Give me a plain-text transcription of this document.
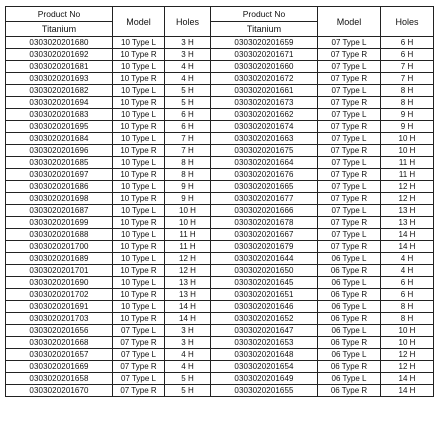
Product No	Model	Holes	Product No	Model	Holes
Titanium			Titanium		
0303020201680	10 Type L	3 H	0303020201659	07 Type L	6 H
0303020201692	10 Type R	3 H	0303020201671	07 Type R	6 H
0303020201681	10 Type L	4 H	0303020201660	07 Type L	7 H
0303020201693	10 Type R	4 H	0303020201672	07 Type R	7 H
0303020201682	10 Type L	5 H	0303020201661	07 Type L	8 H
0303020201694	10 Type R	5 H	0303020201673	07 Type R	8 H
0303020201683	10 Type L	6 H	0303020201662	07 Type L	9 H
0303020201695	10 Type R	6 H	0303020201674	07 Type R	9 H
0303020201684	10 Type L	7 H	0303020201663	07 Type L	10 H
0303020201696	10 Type R	7 H	0303020201675	07 Type R	10 H
0303020201685	10 Type L	8 H	0303020201664	07 Type L	11 H
0303020201697	10 Type R	8 H	0303020201676	07 Type R	11 H
0303020201686	10 Type L	9 H	0303020201665	07 Type L	12 H
0303020201698	10 Type R	9 H	0303020201677	07 Type R	12 H
0303020201687	10 Type L	10 H	0303020201666	07 Type L	13 H
0303020201699	10 Type R	10 H	0303020201678	07 Type R	13 H
0303020201688	10 Type L	11 H	0303020201667	07 Type L	14 H
0303020201700	10 Type R	11 H	0303020201679	07 Type R	14 H
0303020201689	10 Type L	12 H	0303020201644	06 Type L	4 H
0303020201701	10 Type R	12 H	0303020201650	06 Type R	4 H
0303020201690	10 Type L	13 H	0303020201645	06 Type L	6 H
0303020201702	10 Type R	13 H	0303020201651	06 Type R	6 H
0303020201691	10 Type L	14 H	0303020201646	06 Type L	8 H
0303020201703	10 Type R	14 H	0303020201652	06 Type R	8 H
0303020201656	07 Type L	3 H	0303020201647	06 Type L	10 H
0303020201668	07 Type R	3 H	0303020201653	06 Type R	10 H
0303020201657	07 Type L	4 H	0303020201648	06 Type L	12 H
0303020201669	07 Type R	4 H	0303020201654	06 Type R	12 H
0303020201658	07 Type L	5 H	0303020201649	06 Type L	14 H
0303020201670	07 Type R	5 H	0303020201655	06 Type R	14 H
